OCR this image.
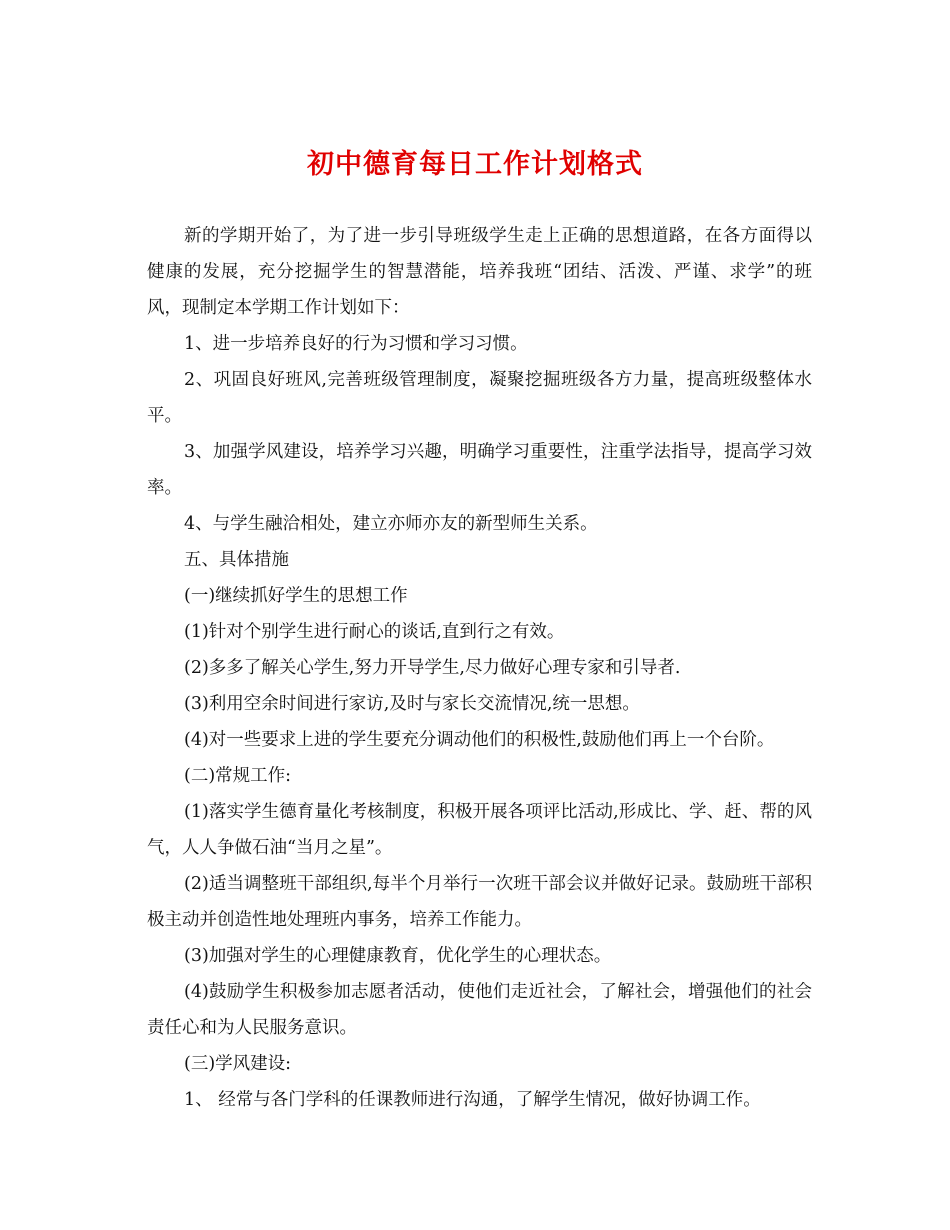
初中德育每日工作计划格式

新的学期开始了，为了进一步引导班级学生走上正确的思想道路，在各方面得以健康的发展，充分挖掘学生的智慧潜能，培养我班“团结、活泼、严谨、求学”的班风，现制定本学期工作计划如下：

1、进一步培养良好的行为习惯和学习习惯。

2、巩固良好班风,完善班级管理制度，凝聚挖掘班级各方力量，提高班级整体水平。

3、加强学风建设，培养学习兴趣，明确学习重要性，注重学法指导，提高学习效率。

4、与学生融洽相处，建立亦师亦友的新型师生关系。

五、具体措施

(一)继续抓好学生的思想工作

(1)针对个别学生进行耐心的谈话,直到行之有效。

(2)多多了解关心学生,努力开导学生,尽力做好心理专家和引导者.

(3)利用空余时间进行家访,及时与家长交流情况,统一思想。

(4)对一些要求上进的学生要充分调动他们的积极性,鼓励他们再上一个台阶。

(二)常规工作:

(1)落实学生德育量化考核制度，积极开展各项评比活动,形成比、学、赶、帮的风气，人人争做石油“当月之星”。

(2)适当调整班干部组织,每半个月举行一次班干部会议并做好记录。鼓励班干部积极主动并创造性地处理班内事务，培养工作能力。

(3)加强对学生的心理健康教育，优化学生的心理状态。

(4)鼓励学生积极参加志愿者活动，使他们走近社会，了解社会，增强他们的社会责任心和为人民服务意识。

(三)学风建设:

1、 经常与各门学科的任课教师进行沟通，了解学生情况，做好协调工作。
